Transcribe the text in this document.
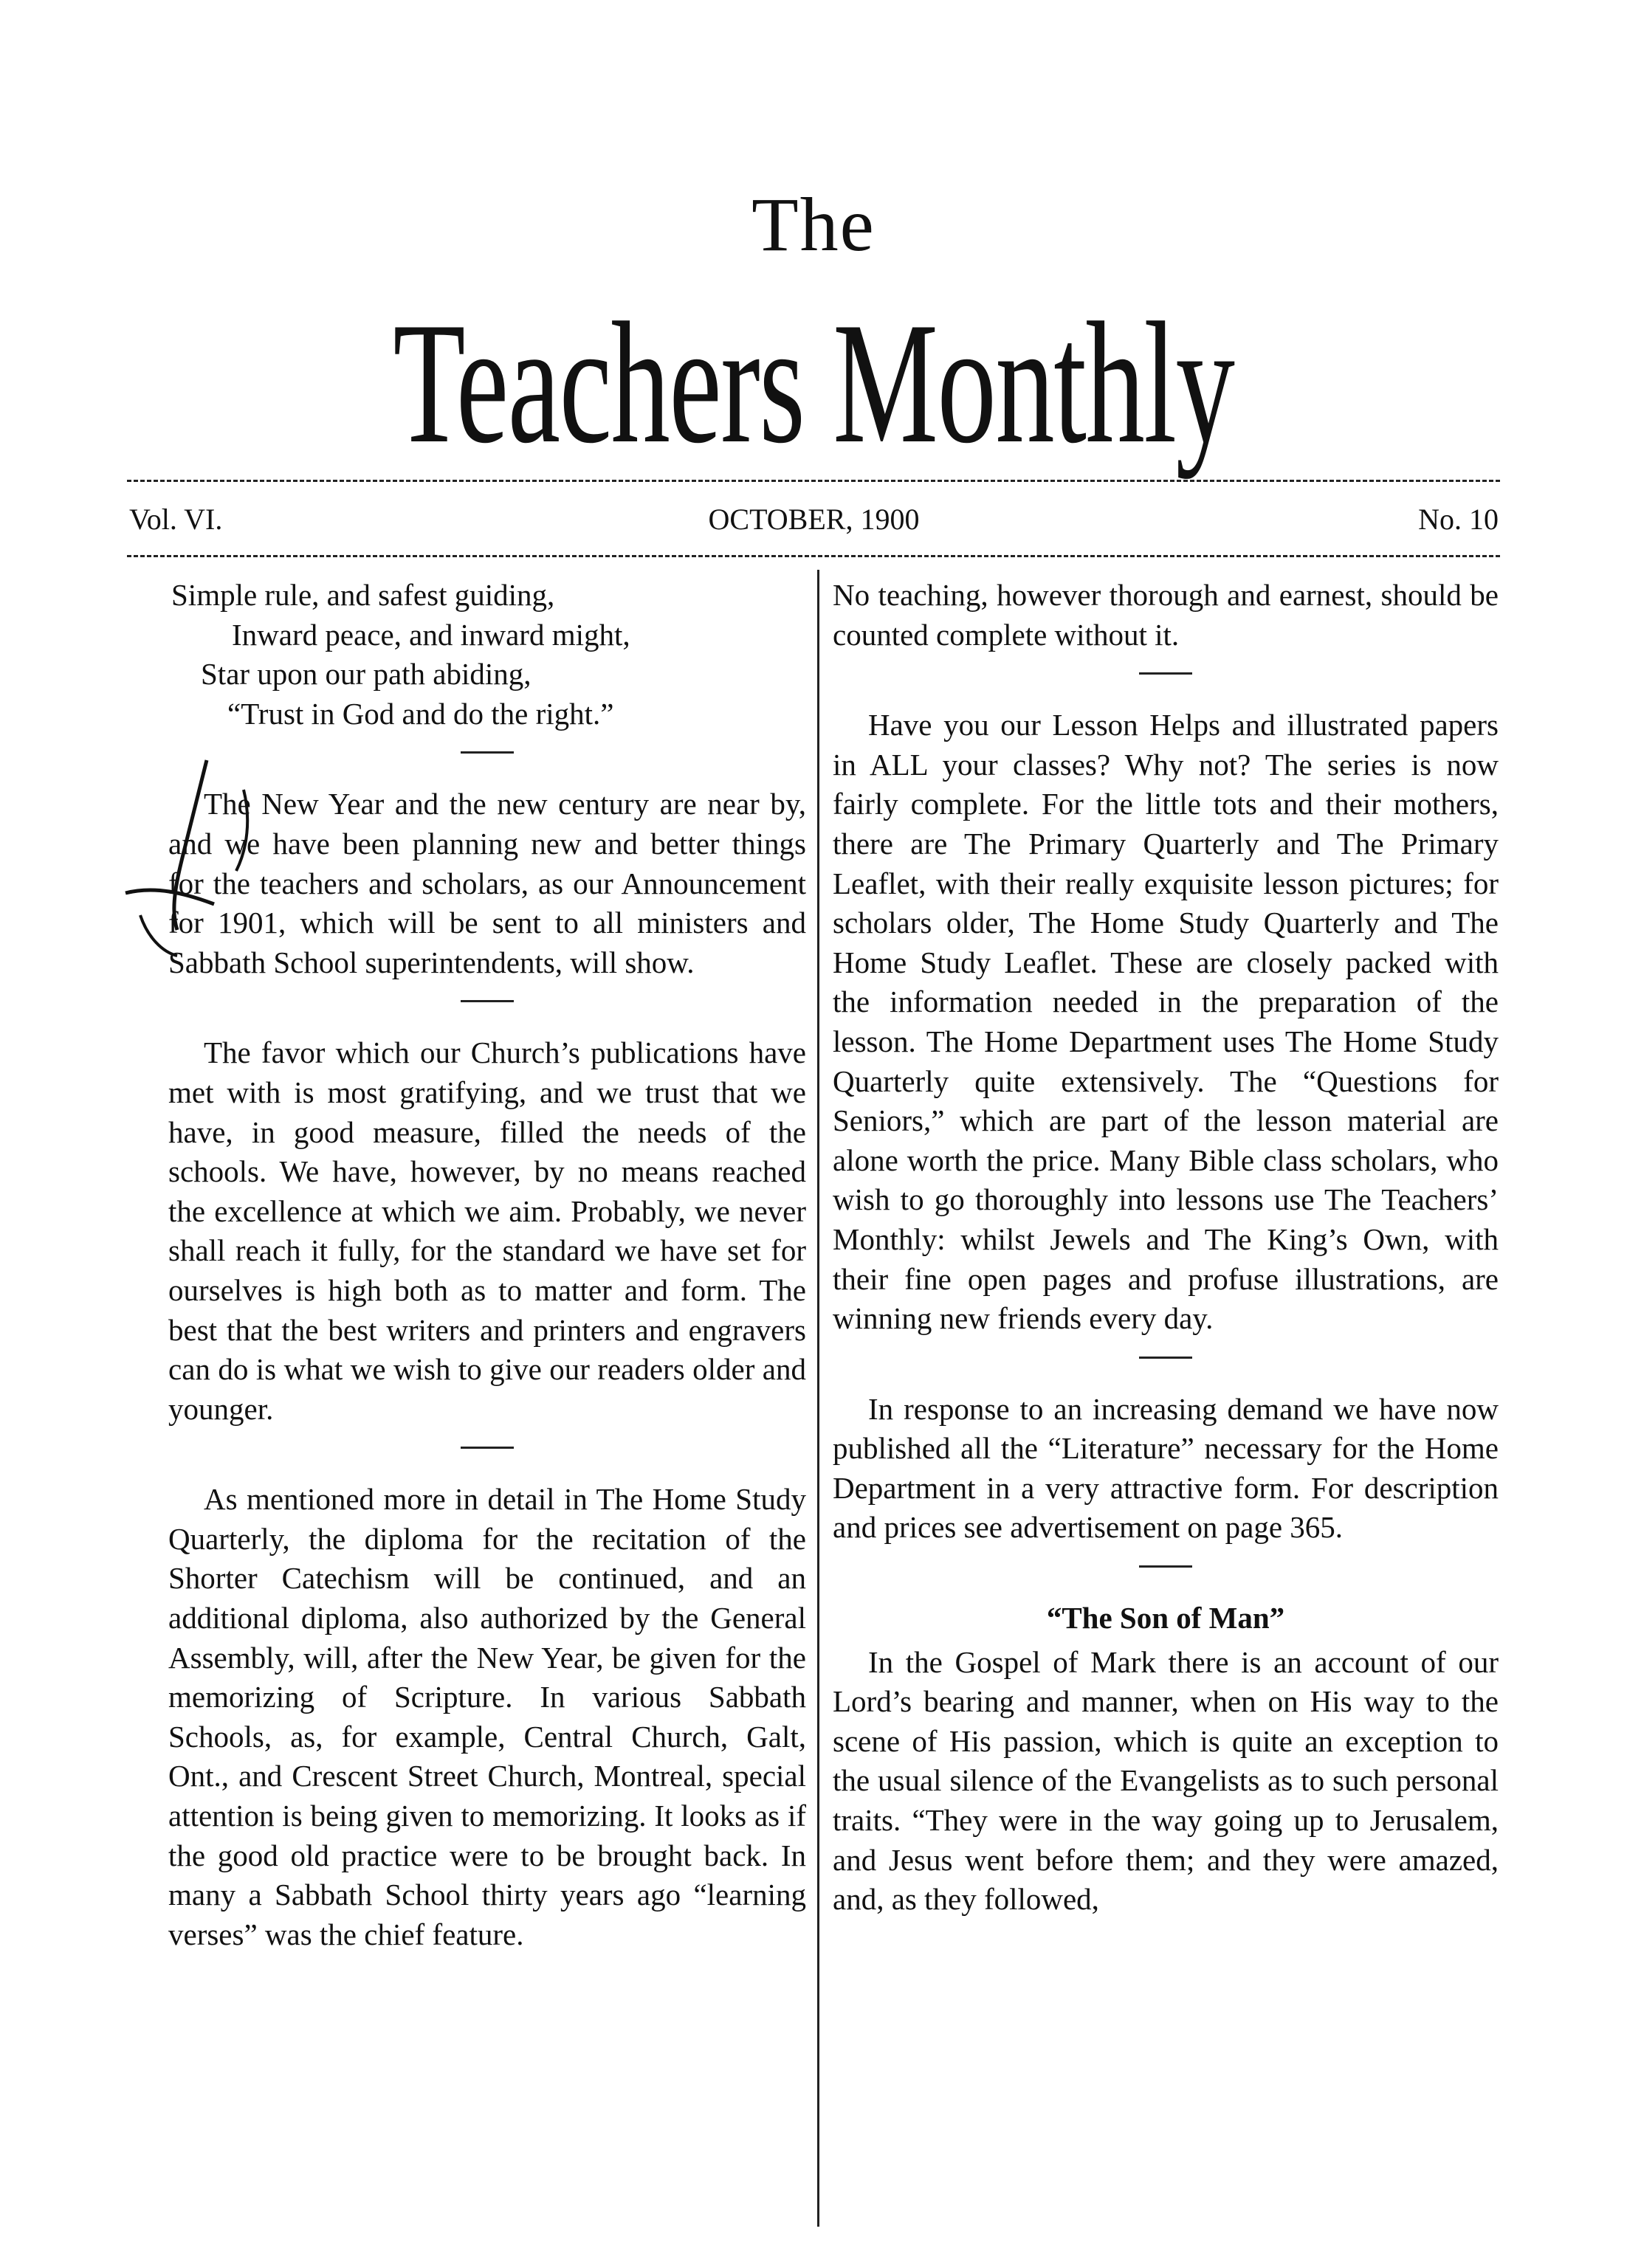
The
Teachers Monthly
Vol. VI.	OCTOBER, 1900	No. 10
Simple rule, and safest guiding,
Inward peace, and inward might,
Star upon our path abiding,
“Trust in God and do the right.”

The New Year and the new century are near by, and we have been planning new and better things for the teachers and scholars, as our Announcement for 1901, which will be sent to all ministers and Sabbath School superintendents, will show.

The favor which our Church’s publications have met with is most gratifying, and we trust that we have, in good measure, filled the needs of the schools. We have, however, by no means reached the excellence at which we aim. Probably, we never shall reach it fully, for the standard we have set for ourselves is high both as to matter and form. The best that the best writers and printers and engravers can do is what we wish to give our readers older and younger.

As mentioned more in detail in The Home Study Quarterly, the diploma for the recitation of the Shorter Catechism will be continued, and an additional diploma, also authorized by the General Assembly, will, after the New Year, be given for the memorizing of Scripture. In various Sabbath Schools, as, for example, Central Church, Galt, Ont., and Crescent Street Church, Montreal, special attention is being given to memorizing. It looks as if the good old practice were to be brought back. In many a Sabbath School thirty years ago “learning verses” was the chief feature.

No teaching, however thorough and earnest, should be counted complete without it.

Have you our Lesson Helps and illustrated papers in ALL your classes? Why not? The series is now fairly complete. For the little tots and their mothers, there are The Primary Quarterly and The Primary Leaflet, with their really exquisite lesson pictures; for scholars older, The Home Study Quarterly and The Home Study Leaflet. These are closely packed with the information needed in the preparation of the lesson. The Home Department uses The Home Study Quarterly quite extensively. The “Questions for Seniors,” which are part of the lesson material are alone worth the price. Many Bible class scholars, who wish to go thoroughly into lessons use The Teachers’ Monthly: whilst Jewels and The King’s Own, with their fine open pages and profuse illustrations, are winning new friends every day.

In response to an increasing demand we have now published all the “Literature” necessary for the Home Department in a very attractive form. For description and prices see advertisement on page 365.

“The Son of Man”

In the Gospel of Mark there is an account of our Lord’s bearing and manner, when on His way to the scene of His passion, which is quite an exception to the usual silence of the Evangelists as to such personal traits. “They were in the way going up to Jerusalem, and Jesus went before them; and they were amazed, and, as they followed,
